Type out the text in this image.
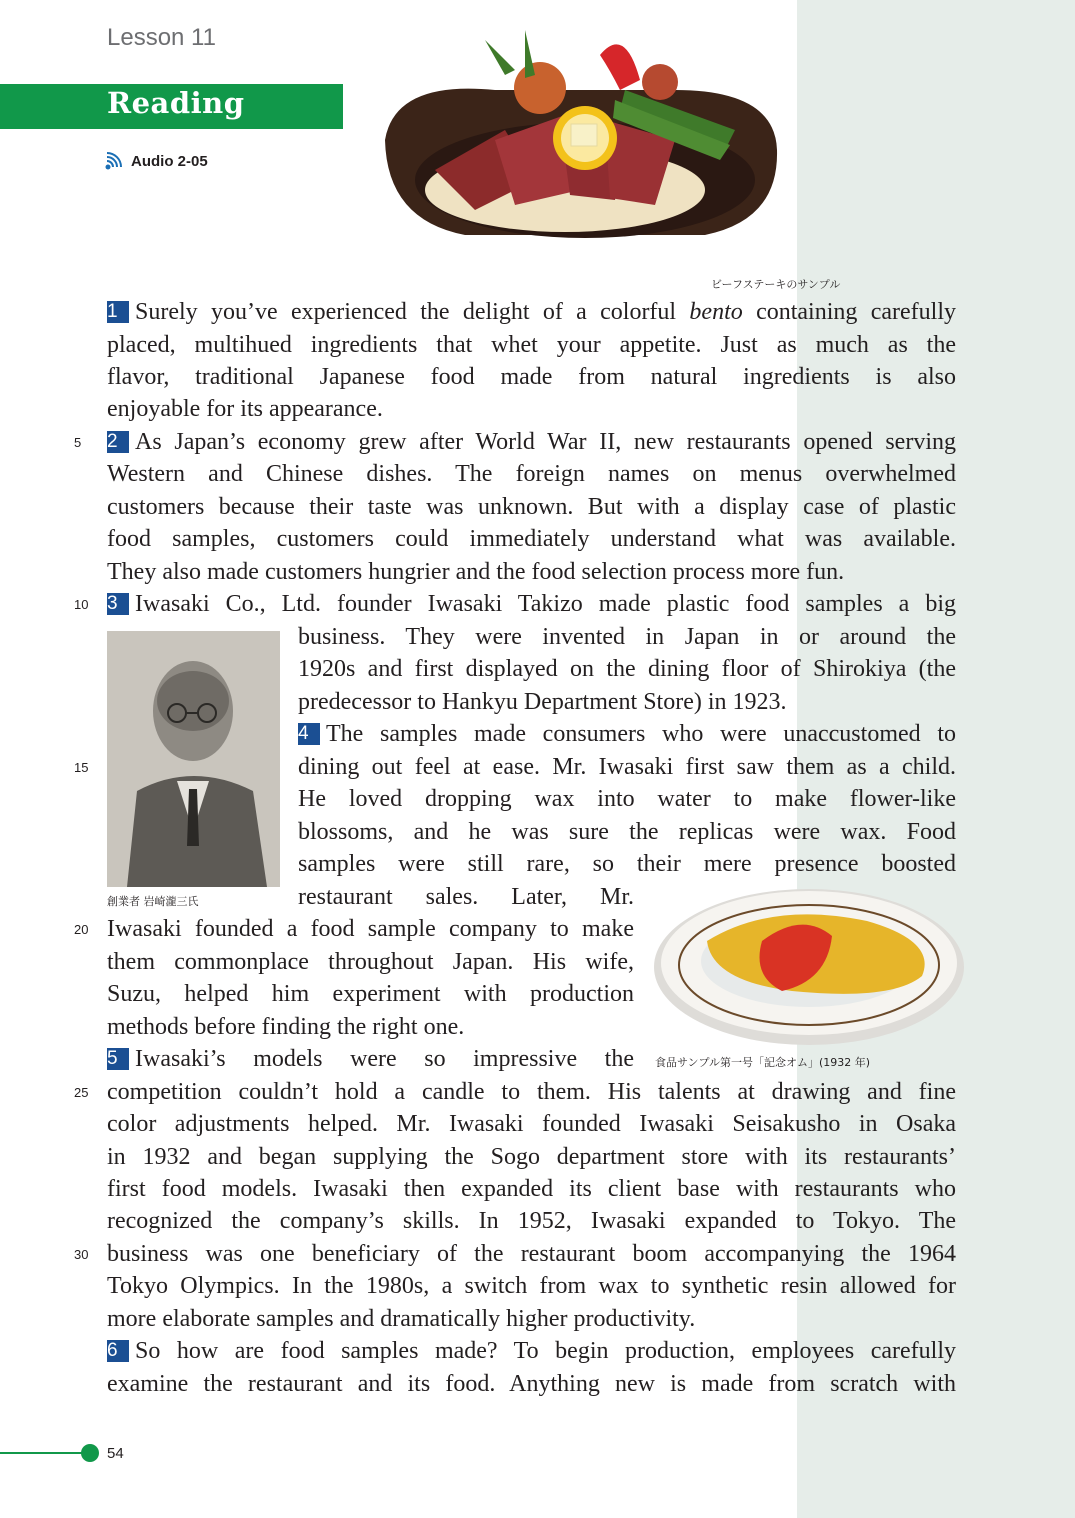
Lesson 11
Reading
Audio 2-05
ビーフステーキのサンプル
創業者 岩崎瀧三氏
食品サンプル第一号「記念オム」(1932 年)
1 Surely you’ve experienced the delight of a colorful bento containing carefully
placed, multihued ingredients that whet your appetite. Just as much as the
flavor, traditional Japanese food made from natural ingredients is also
enjoyable for its appearance.
2 As Japan’s economy grew after World War II, new restaurants opened serving
Western and Chinese dishes. The foreign names on menus overwhelmed
customers because their taste was unknown. But with a display case of plastic
food samples, customers could immediately understand what was available.
They also made customers hungrier and the food selection process more fun.
3 Iwasaki Co., Ltd. founder Iwasaki Takizo made plastic food samples a big
business. They were invented in Japan in or around the
1920s and first displayed on the dining floor of Shirokiya (the
predecessor to Hankyu Department Store) in 1923.
4 The samples made consumers who were unaccustomed to
dining out feel at ease. Mr. Iwasaki first saw them as a child.
He loved dropping wax into water to make flower-like
blossoms, and he was sure the replicas were wax. Food
samples were still rare, so their mere presence boosted
restaurant sales. Later, Mr.
Iwasaki founded a food sample company to make
them commonplace throughout Japan. His wife,
Suzu, helped him experiment with production
methods before finding the right one.
5 Iwasaki’s models were so impressive the
competition couldn’t hold a candle to them. His talents at drawing and fine
color adjustments helped. Mr. Iwasaki founded Iwasaki Seisakusho in Osaka
in 1932 and began supplying the Sogo department store with its restaurants’
first food models. Iwasaki then expanded its client base with restaurants who
recognized the company’s skills. In 1952, Iwasaki expanded to Tokyo. The
business was one beneficiary of the restaurant boom accompanying the 1964
Tokyo Olympics. In the 1980s, a switch from wax to synthetic resin allowed for
more elaborate samples and dramatically higher productivity.
6 So how are food samples made? To begin production, employees carefully
examine the restaurant and its food. Anything new is made from scratch with
5
10
15
20
25
30
54
